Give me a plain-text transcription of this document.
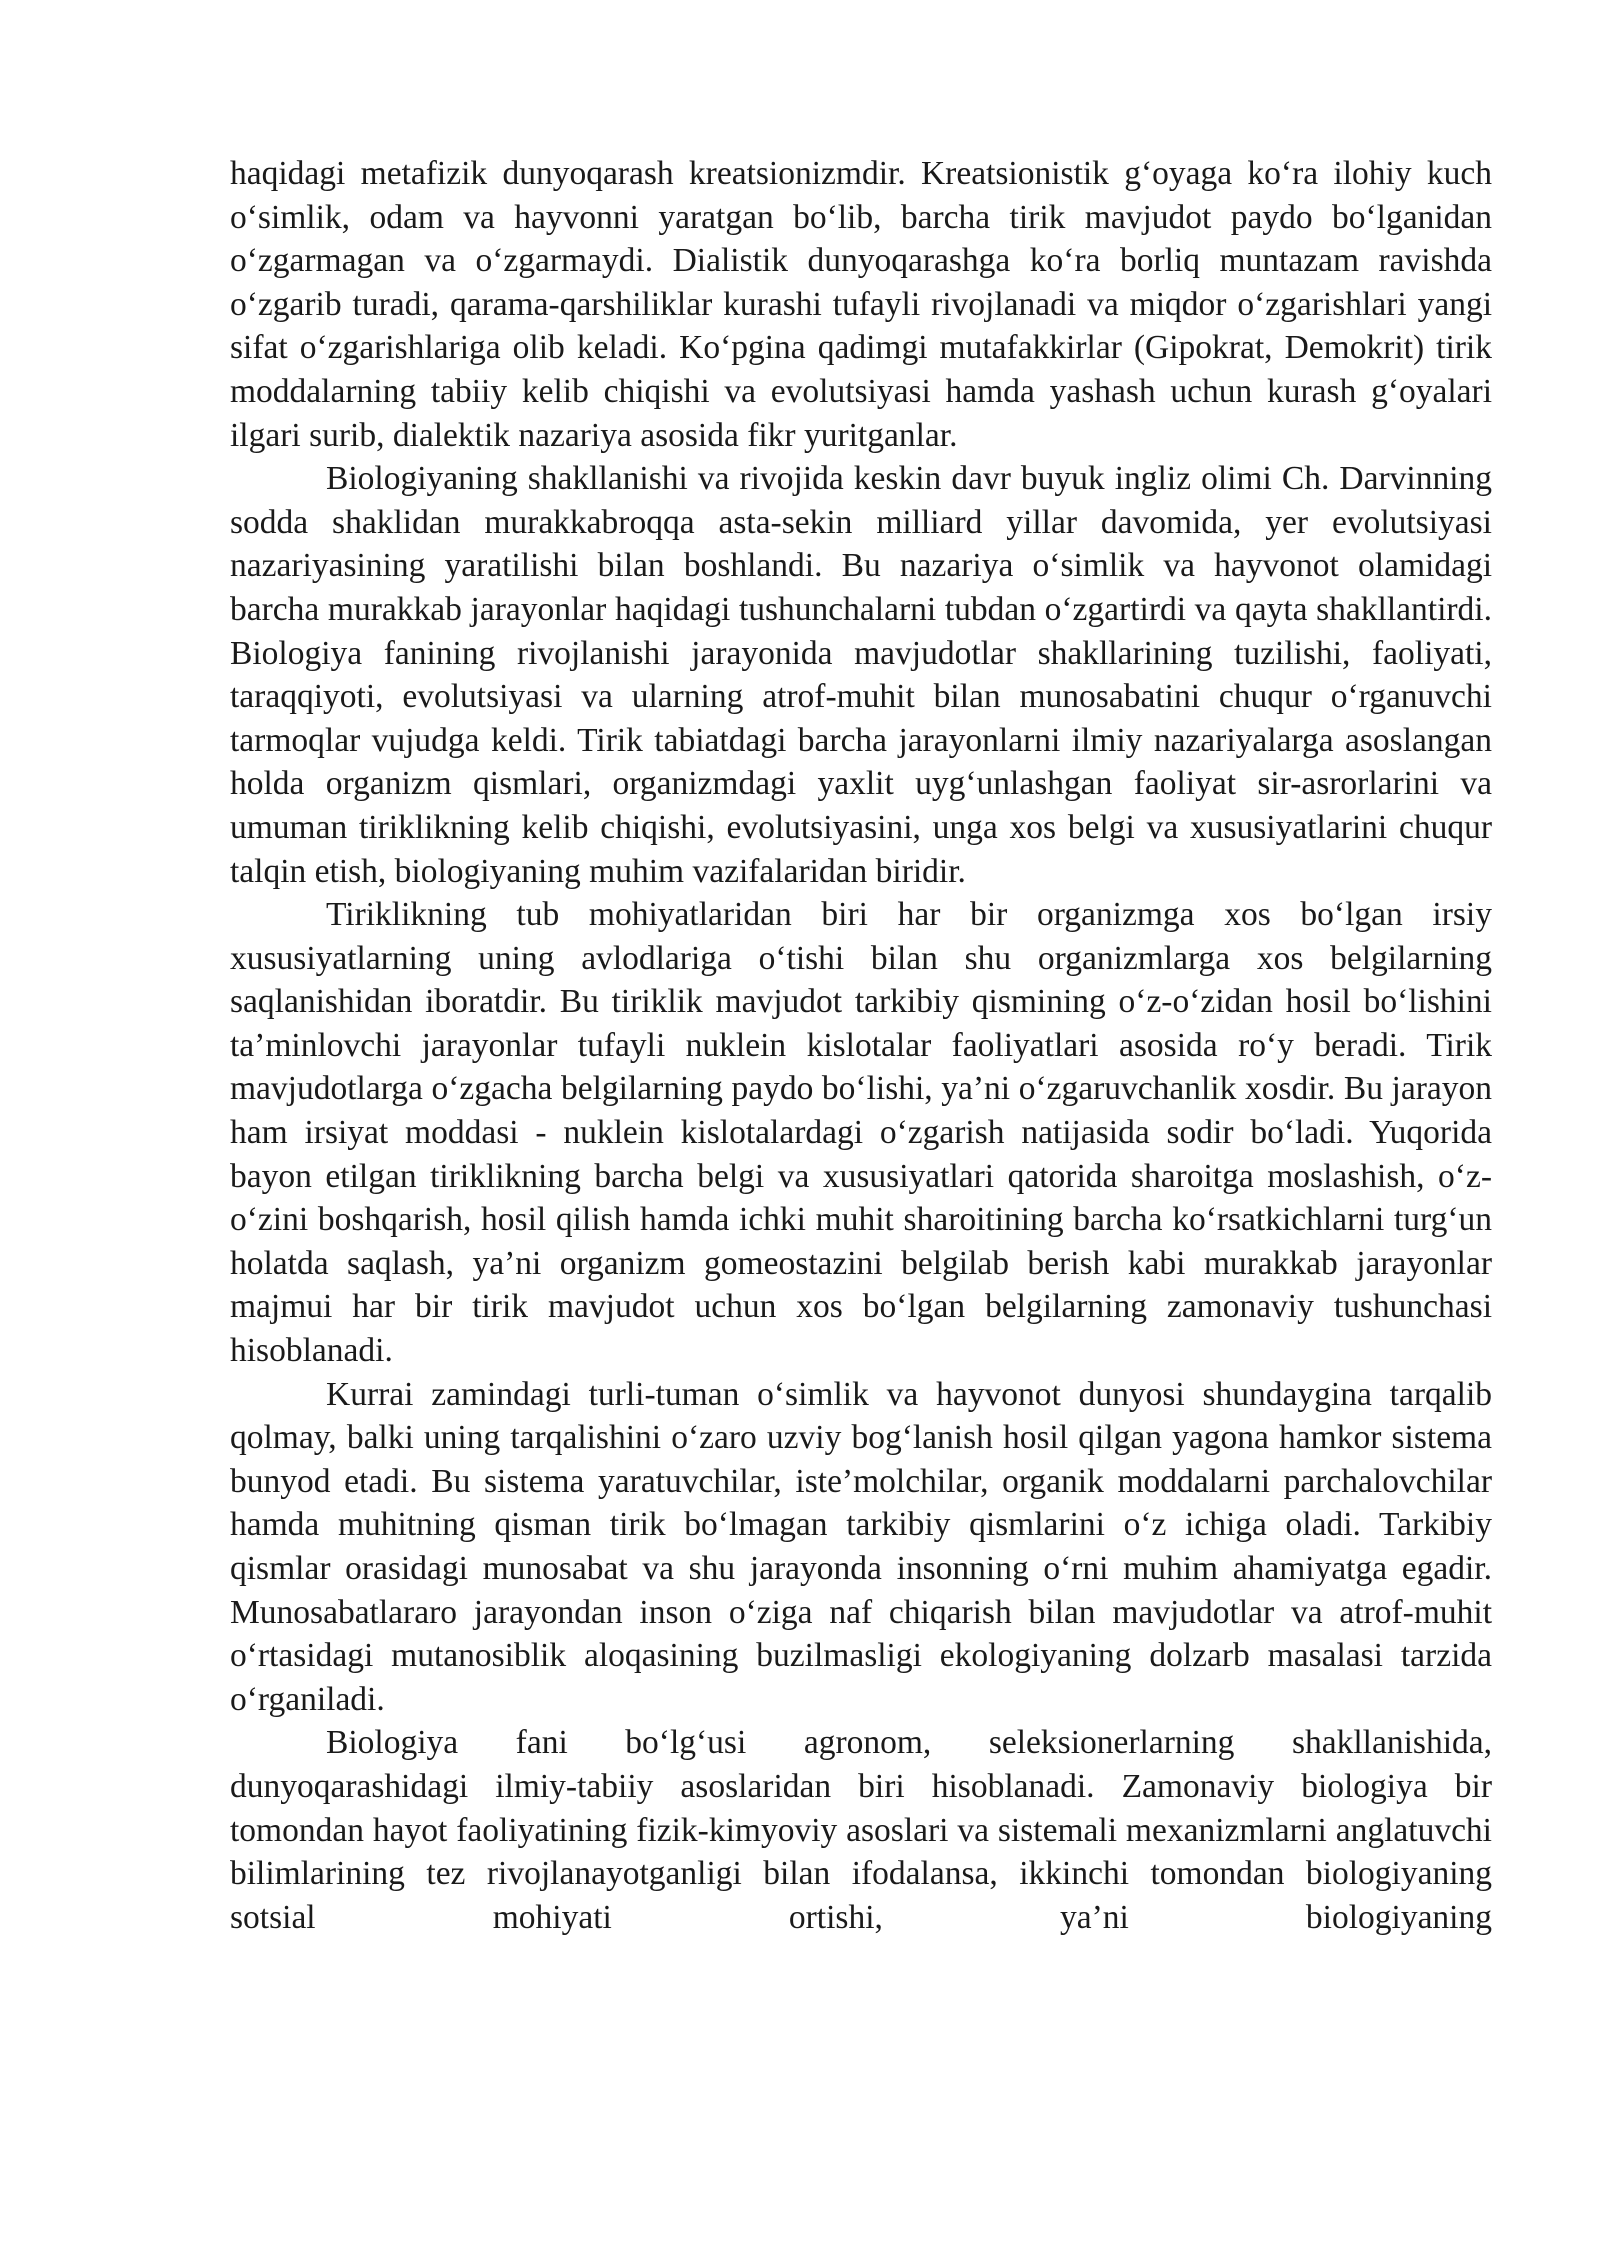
haqidagi metafizik dunyoqarash kreatsionizmdir. Kreatsionistik g‘oyaga ko‘ra ilohiy kuch o‘simlik, odam va hayvonni yaratgan bo‘lib, barcha tirik mavjudot paydo bo‘lganidan o‘zgarmagan va o‘zgarmaydi. Dialistik dunyoqarashga ko‘ra borliq muntazam ravishda o‘zgarib turadi, qarama-qarshiliklar kurashi tufayli rivojlanadi va miqdor o‘zgarishlari yangi sifat o‘zgarishlariga olib keladi. Ko‘pgina qadimgi mutafakkirlar (Gipokrat, Demokrit) tirik moddalarning tabiiy kelib chiqishi va evolutsiyasi hamda yashash uchun kurash g‘oyalari ilgari surib, dialektik nazariya asosida fikr yuritganlar.

Biologiyaning shakllanishi va rivojida keskin davr buyuk ingliz olimi Ch. Darvinning sodda shaklidan murakkabroqqa asta-sekin milliard yillar davomida, yer evolutsiyasi nazariyasining yaratilishi bilan boshlandi. Bu nazariya o‘simlik va hayvonot olamidagi barcha murakkab jarayonlar haqidagi tushunchalarni tubdan o‘zgartirdi va qayta shakllantirdi. Biologiya fanining rivojlanishi jarayonida mavjudotlar shakllarining tuzilishi, faoliyati, taraqqiyoti, evolutsiyasi va ularning atrof-muhit bilan munosabatini chuqur o‘rganuvchi tarmoqlar vujudga keldi. Tirik tabiatdagi barcha jarayonlarni ilmiy nazariyalarga asoslangan holda organizm qismlari, organizmdagi yaxlit uyg‘unlashgan faoliyat sir-asrorlarini va umuman tiriklikning kelib chiqishi, evolutsiyasini, unga xos belgi va xususiyatlarini chuqur talqin etish, biologiyaning muhim vazifalaridan biridir.

Tiriklikning tub mohiyatlaridan biri har bir organizmga xos bo‘lgan irsiy xususiyatlarning uning avlodlariga o‘tishi bilan shu organizmlarga xos belgilarning saqlanishidan iboratdir. Bu tiriklik mavjudot tarkibiy qismining o‘z-o‘zidan hosil bo‘lishini ta’minlovchi jarayonlar tufayli nuklein kislotalar faoliyatlari asosida ro‘y beradi. Tirik mavjudotlarga o‘zgacha belgilarning paydo bo‘lishi, ya’ni o‘zgaruvchanlik xosdir. Bu jarayon ham irsiyat moddasi - nuklein kislotalardagi o‘zgarish natijasida sodir bo‘ladi. Yuqorida bayon etilgan tiriklikning barcha belgi va xususiyatlari qatorida sharoitga moslashish, o‘z-o‘zini boshqarish, hosil qilish hamda ichki muhit sharoitining barcha ko‘rsatkichlarni turg‘un holatda saqlash, ya’ni organizm gomeostazini belgilab berish kabi murakkab jarayonlar majmui har bir tirik mavjudot uchun xos bo‘lgan belgilarning zamonaviy tushunchasi hisoblanadi.

Kurrai zamindagi turli-tuman o‘simlik va hayvonot dunyosi shundaygina tarqalib qolmay, balki uning tarqalishini o‘zaro uzviy bog‘lanish hosil qilgan yagona hamkor sistema bunyod etadi. Bu sistema yaratuvchilar, iste’molchilar, organik moddalarni parchalovchilar hamda muhitning qisman tirik bo‘lmagan tarkibiy qismlarini o‘z ichiga oladi. Tarkibiy qismlar orasidagi munosabat va shu jarayonda insonning o‘rni muhim ahamiyatga egadir. Munosabatlararo jarayondan inson o‘ziga naf chiqarish bilan mavjudotlar va atrof-muhit o‘rtasidagi mutanosiblik aloqasining buzilmasligi ekologiyaning dolzarb masalasi tarzida o‘rganiladi.

Biologiya fani bo‘lg‘usi agronom, seleksionerlarning shakllanishida, dunyoqarashidagi ilmiy-tabiiy asoslaridan biri hisoblanadi. Zamonaviy biologiya bir tomondan hayot faoliyatining fizik-kimyoviy asoslari va sistemali mexanizmlarni anglatuvchi bilimlarining tez rivojlanayotganligi bilan ifodalansa, ikkinchi tomondan biologiyaning sotsial mohiyati ortishi, ya’ni biologiyaning
